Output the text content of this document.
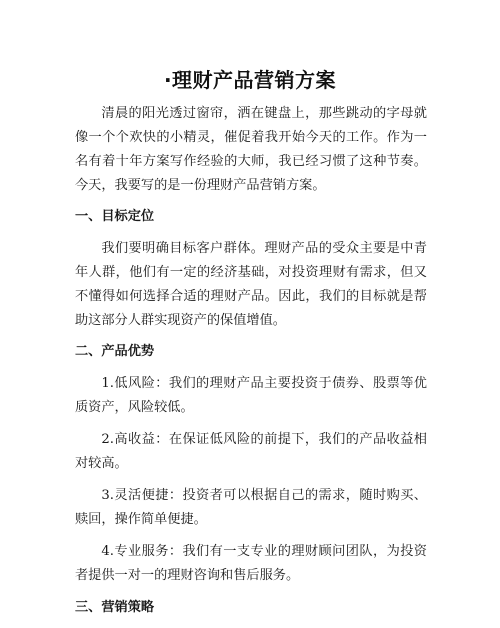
·理财产品营销方案

清晨的阳光透过窗帘，洒在键盘上，那些跳动的字母就像一个个欢快的小精灵，催促着我开始今天的工作。作为一名有着十年方案写作经验的大师，我已经习惯了这种节奏。今天，我要写的是一份理财产品营销方案。

一、目标定位

我们要明确目标客户群体。理财产品的受众主要是中青年人群，他们有一定的经济基础，对投资理财有需求，但又不懂得如何选择合适的理财产品。因此，我们的目标就是帮助这部分人群实现资产的保值增值。

二、产品优势

1.低风险：我们的理财产品主要投资于债券、股票等优质资产，风险较低。

2.高收益：在保证低风险的前提下，我们的产品收益相对较高。

3.灵活便捷：投资者可以根据自己的需求，随时购买、赎回，操作简单便捷。

4.专业服务：我们有一支专业的理财顾问团队，为投资者提供一对一的理财咨询和售后服务。

三、营销策略
